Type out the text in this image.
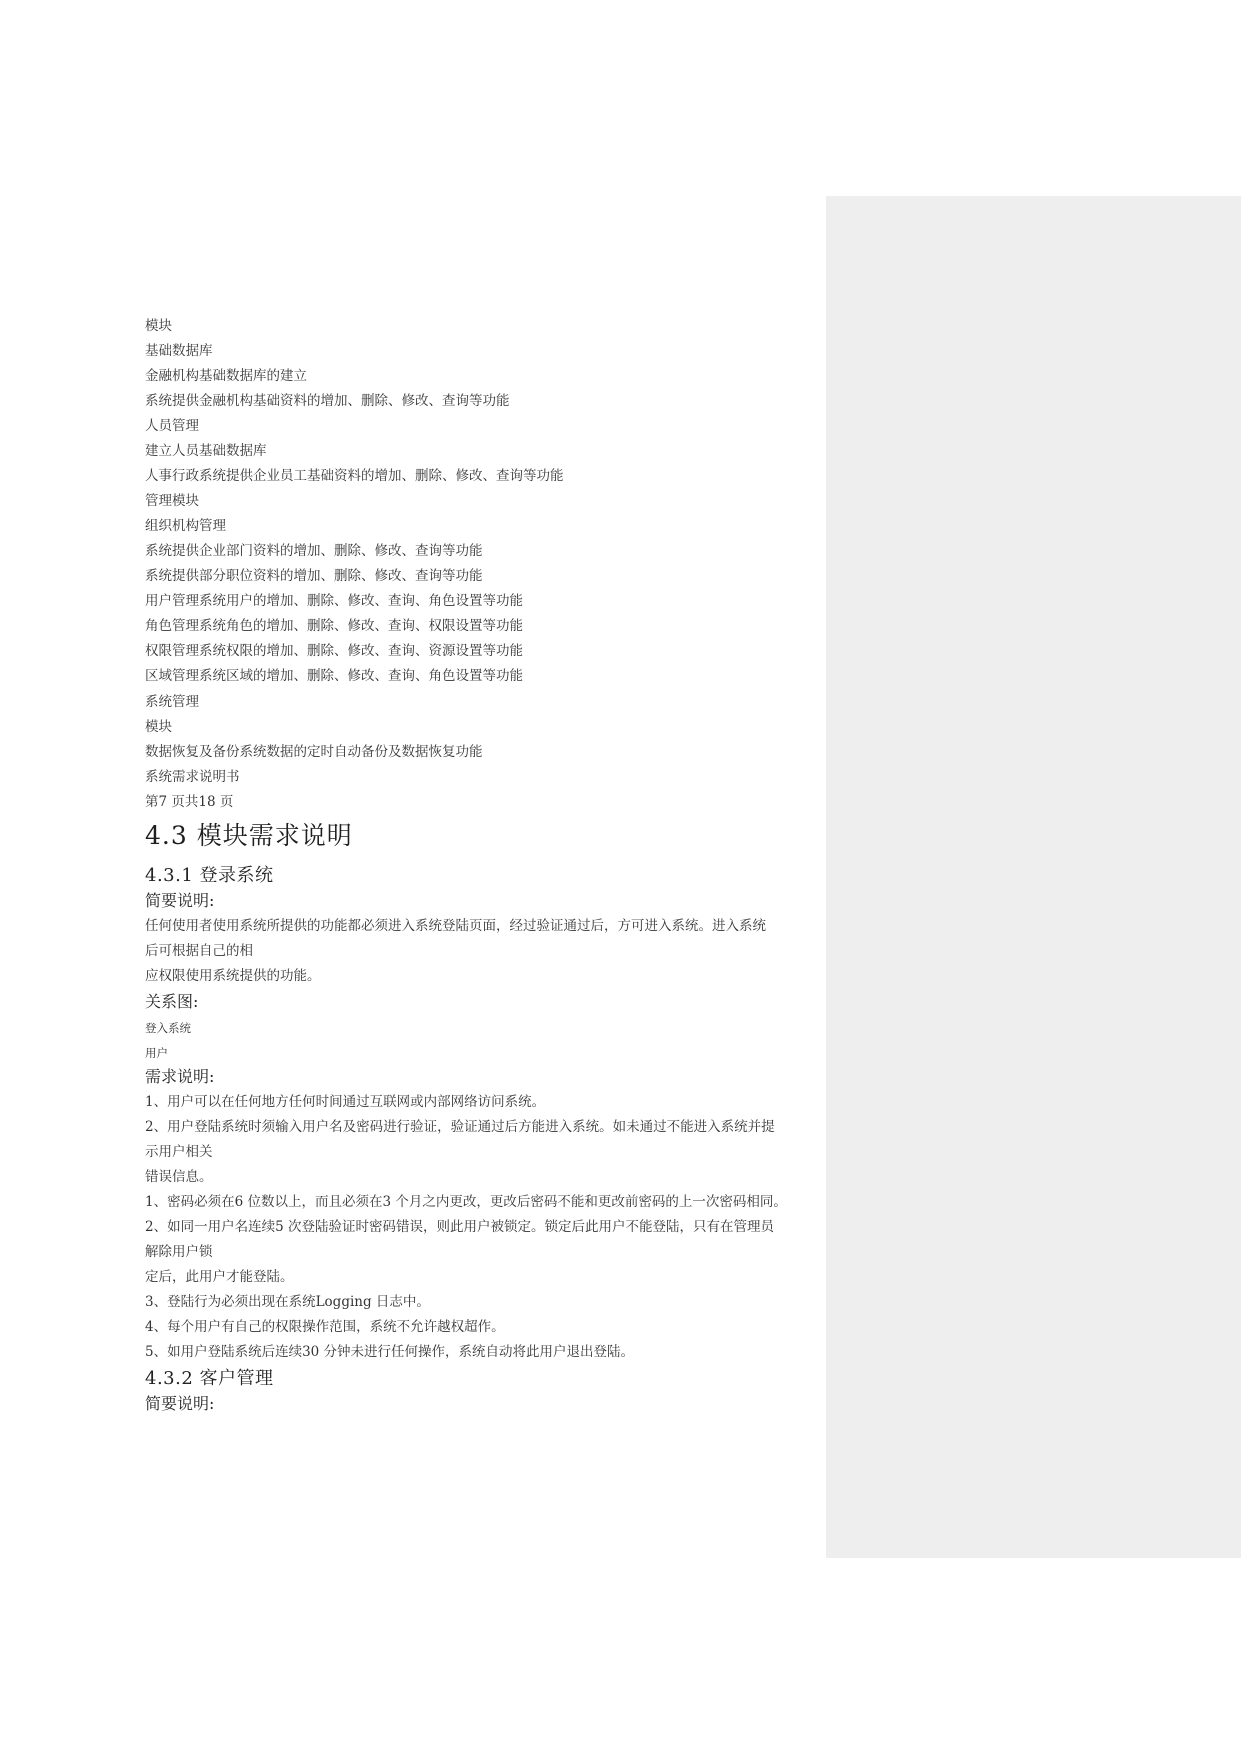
模块
基础数据库
金融机构基础数据库的建立
系统提供金融机构基础资料的增加、删除、修改、查询等功能
人员管理
建立人员基础数据库
人事行政系统提供企业员工基础资料的增加、删除、修改、查询等功能
管理模块
组织机构管理
系统提供企业部门资料的增加、删除、修改、查询等功能
系统提供部分职位资料的增加、删除、修改、查询等功能
用户管理系统用户的增加、删除、修改、查询、角色设置等功能
角色管理系统角色的增加、删除、修改、查询、权限设置等功能
权限管理系统权限的增加、删除、修改、查询、资源设置等功能
区域管理系统区域的增加、删除、修改、查询、角色设置等功能
系统管理
模块
数据恢复及备份系统数据的定时自动备份及数据恢复功能
系统需求说明书
第7 页共18 页
4.3 模块需求说明
4.3.1 登录系统
简要说明:
任何使用者使用系统所提供的功能都必须进入系统登陆页面，经过验证通过后，方可进入系统。进入系统
后可根据自己的相
应权限使用系统提供的功能。
关系图:
登入系统
用户
需求说明:
1、用户可以在任何地方任何时间通过互联网或内部网络访问系统。
2、用户登陆系统时须输入用户名及密码进行验证，验证通过后方能进入系统。如未通过不能进入系统并提
示用户相关
错误信息。
1、密码必须在6 位数以上，而且必须在3 个月之内更改，更改后密码不能和更改前密码的上一次密码相同。
2、如同一用户名连续5 次登陆验证时密码错误，则此用户被锁定。锁定后此用户不能登陆，只有在管理员
解除用户锁
定后，此用户才能登陆。
3、登陆行为必须出现在系统Logging 日志中。
4、每个用户有自己的权限操作范围，系统不允许越权超作。
5、如用户登陆系统后连续30 分钟未进行任何操作，系统自动将此用户退出登陆。
4.3.2 客户管理
简要说明:
